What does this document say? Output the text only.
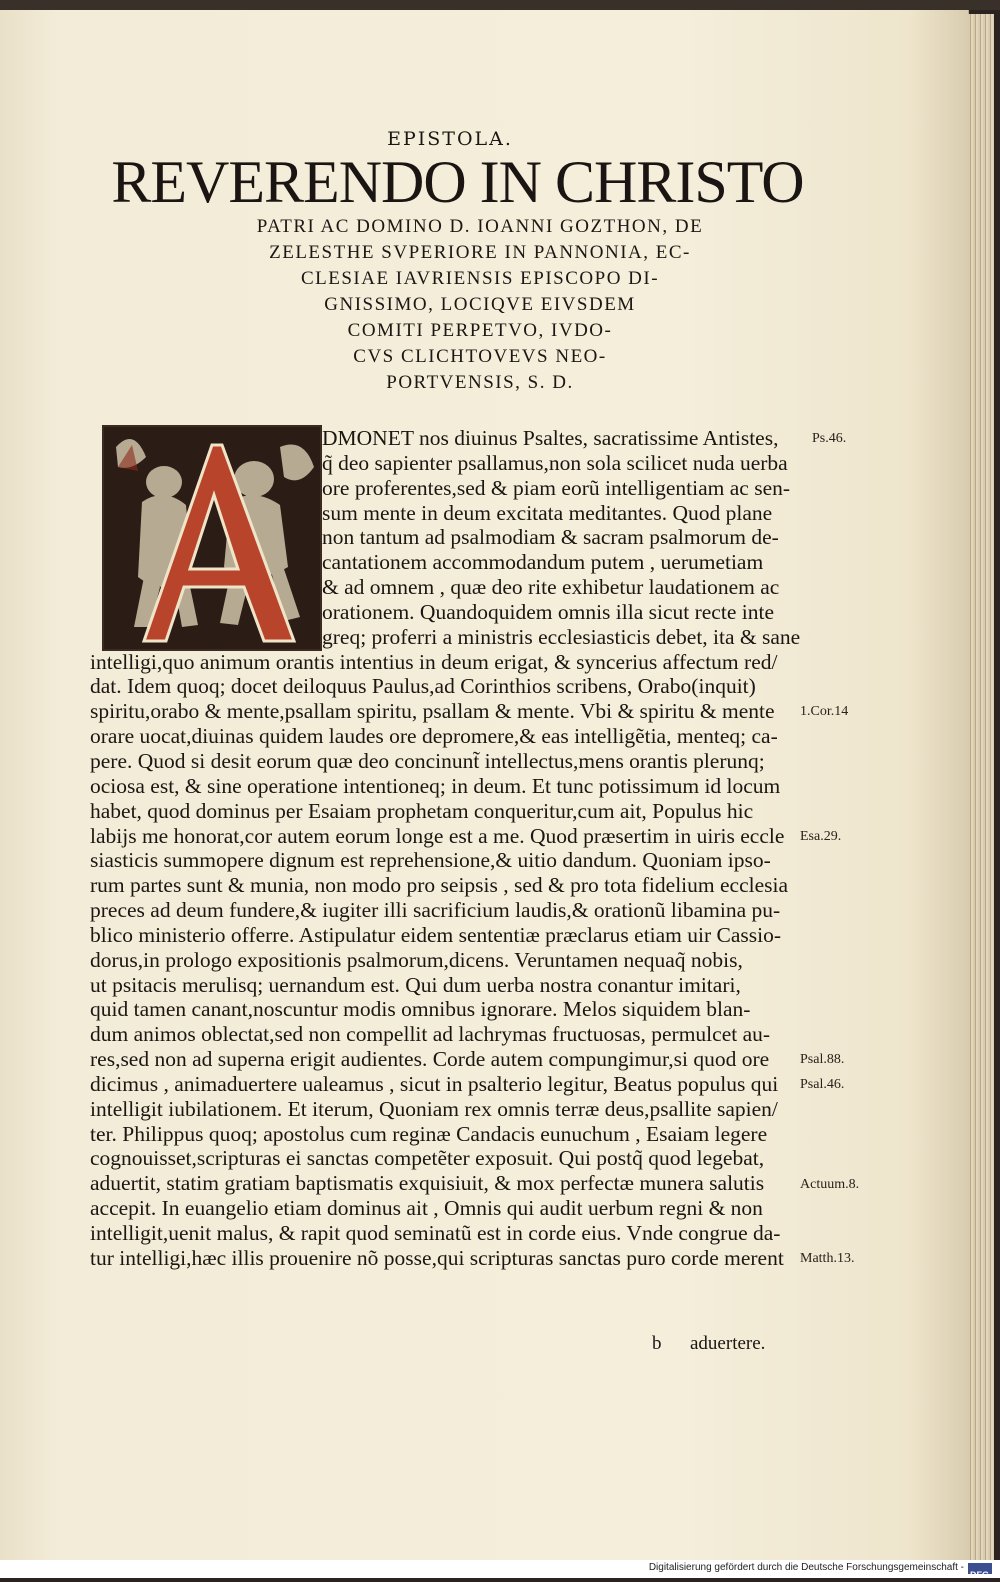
EPISTOLA.
REVERENDO IN CHRISTO
PATRI AC DOMINO D. IOANNI GOZTHON, DE
ZELESTHE SVPERIORE IN PANNONIA, EC-
CLESIAE IAVRIENSIS EPISCOPO DI-
GNISSIMO, LOCIQVE EIVSDEM
COMITI PERPETVO, IVDO-
CVS CLICHTOVEVS NEO-
PORTVENSIS, S. D.
DMONET nos diuinus Psaltes, sacratissime Antistes,
q̃ deo sapienter psallamus,non sola scilicet nuda uerba
ore proferentes,sed & piam eorũ intelligentiam ac sen-
sum mente in deum excitata meditantes. Quod plane
non tantum ad psalmodiam & sacram psalmorum de-
cantationem accommodandum putem , uerumetiam
& ad omnem , quæ deo rite exhibetur laudationem ac
orationem. Quandoquidem omnis illa sicut recte inte
greq; proferri a ministris ecclesiasticis debet, ita & sane
intelligi,quo animum orantis intentius in deum erigat, & syncerius affectum red/
dat. Idem quoq; docet deiloquus Paulus,ad Corinthios scribens, Orabo(inquit)
spiritu,orabo & mente,psallam spiritu, psallam & mente. Vbi & spiritu & mente
orare uocat,diuinas quidem laudes ore depromere,& eas intelligẽtia, menteq; ca-
pere. Quod si desit eorum quæ deo concinunt̃ intellectus,mens orantis plerunq;
ociosa est, & sine operatione intentioneq; in deum. Et tunc potissimum id locum
habet, quod dominus per Esaiam prophetam conqueritur,cum ait, Populus hic
labijs me honorat,cor autem eorum longe est a me. Quod præsertim in uiris eccle
siasticis summopere dignum est reprehensione,& uitio dandum. Quoniam ipso-
rum partes sunt & munia, non modo pro seipsis , sed & pro tota fidelium ecclesia
preces ad deum fundere,& iugiter illi sacrificium laudis,& orationũ libamina pu-
blico ministerio offerre. Astipulatur eidem sententiæ præclarus etiam uir Cassio-
dorus,in prologo expositionis psalmorum,dicens. Veruntamen nequaq̃ nobis,
ut psitacis merulisq; uernandum est. Qui dum uerba nostra conantur imitari,
quid tamen canant,noscuntur modis omnibus ignorare. Melos siquidem blan-
dum animos oblectat,sed non compellit ad lachrymas fructuosas, permulcet au-
res,sed non ad superna erigit audientes. Corde autem compungimur,si quod ore
dicimus , animaduertere ualeamus , sicut in psalterio legitur, Beatus populus qui
intelligit iubilationem. Et iterum, Quoniam rex omnis terræ deus,psallite sapien/
ter. Philippus quoq; apostolus cum reginæ Candacis eunuchum , Esaiam legere
cognouisset,scripturas ei sanctas competẽter exposuit. Qui postq̃ quod legebat,
aduertit, statim gratiam baptismatis exquisiuit, & mox perfectæ munera salutis
accepit. In euangelio etiam dominus ait , Omnis qui audit uerbum regni & non
intelligit,uenit malus, & rapit quod seminatũ est in corde eius. Vnde congrue da-
tur intelligi,hæc illis prouenire nõ posse,qui scripturas sanctas puro corde merent
Ps.46.
1.Cor.14
Esa.29.
Psal.88.
Psal.46.
Actuum.8.
Matth.13.
b aduertere.
Digitalisierung gefördert durch die Deutsche Forschungsgemeinschaft -
DFG
